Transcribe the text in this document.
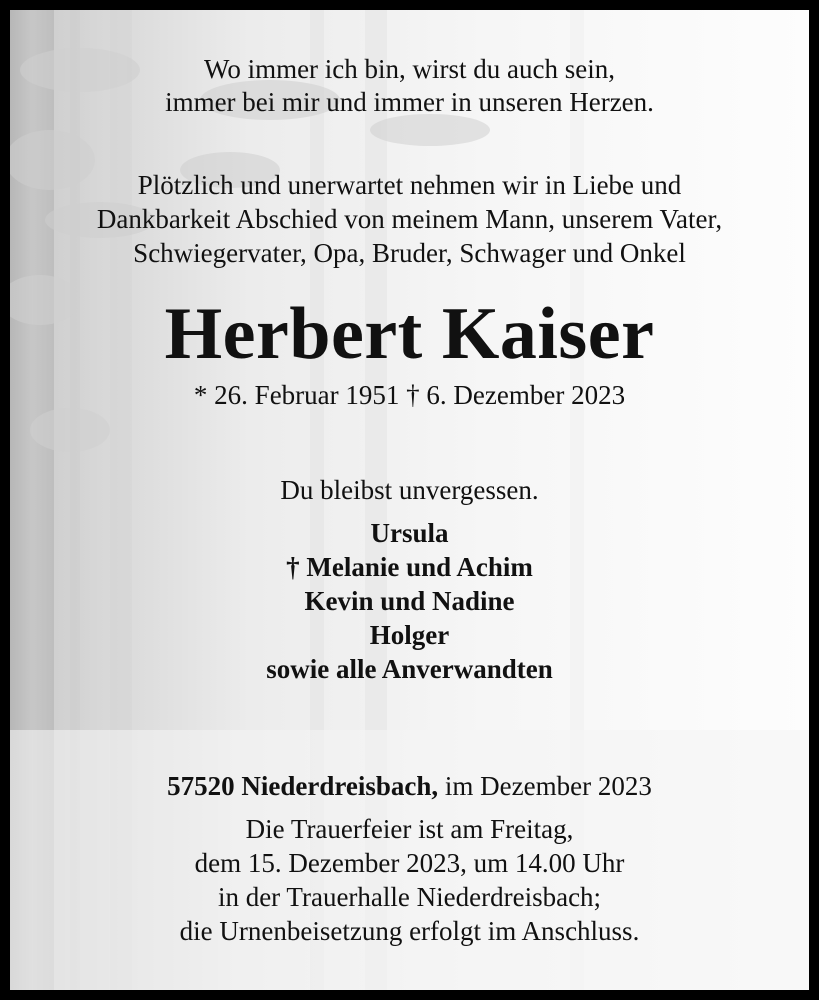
Wo immer ich bin, wirst du auch sein,
immer bei mir und immer in unseren Herzen.
Plötzlich und unerwartet nehmen wir in Liebe und
Dankbarkeit Abschied von meinem Mann, unserem Vater,
Schwiegervater, Opa, Bruder, Schwager und Onkel
Herbert Kaiser
* 26. Februar 1951 † 6. Dezember 2023
Du bleibst unvergessen.
Ursula
† Melanie und Achim
Kevin und Nadine
Holger
sowie alle Anverwandten
57520 Niederdreisbach, im Dezember 2023
Die Trauerfeier ist am Freitag,
dem 15. Dezember 2023, um 14.00 Uhr
in der Trauerhalle Niederdreisbach;
die Urnenbeisetzung erfolgt im Anschluss.
